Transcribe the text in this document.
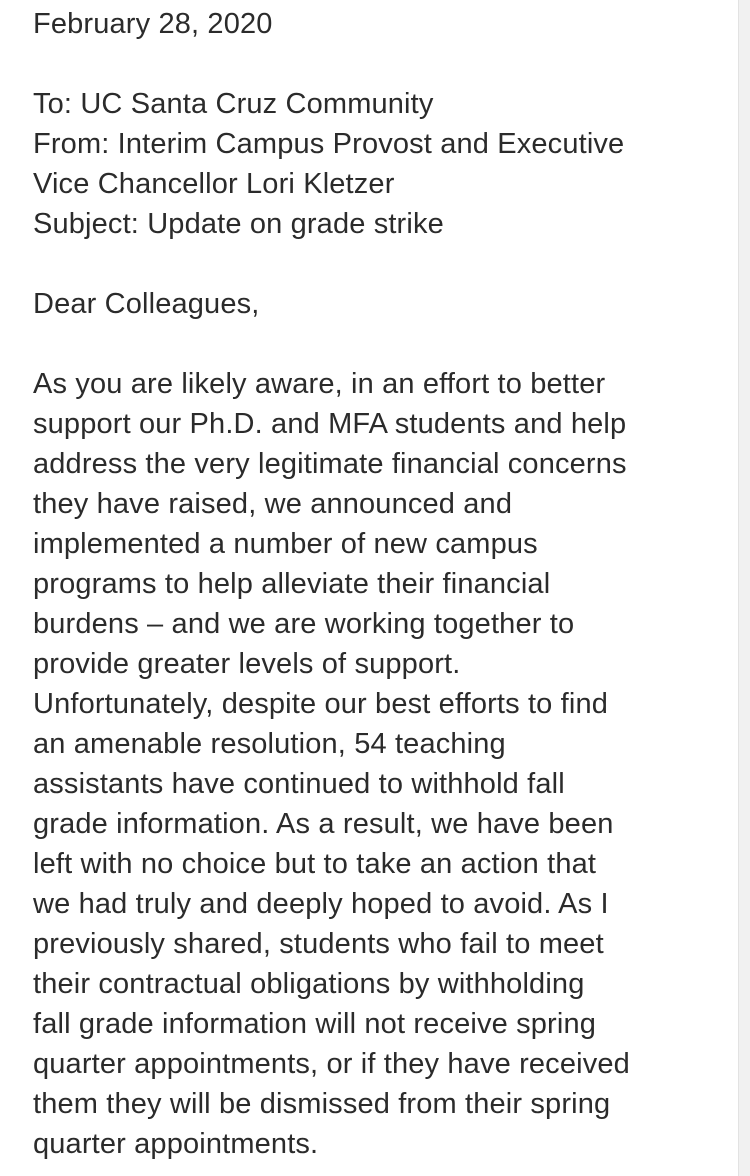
February 28, 2020
To: UC Santa Cruz Community
From: Interim Campus Provost and Executive
Vice Chancellor Lori Kletzer
Subject: Update on grade strike
Dear Colleagues,
As you are likely aware, in an effort to better
support our Ph.D. and MFA students and help
address the very legitimate financial concerns
they have raised, we announced and
implemented a number of new campus
programs to help alleviate their financial
burdens – and we are working together to
provide greater levels of support.
Unfortunately, despite our best efforts to find
an amenable resolution, 54 teaching
assistants have continued to withhold fall
grade information. As a result, we have been
left with no choice but to take an action that
we had truly and deeply hoped to avoid. As I
previously shared, students who fail to meet
their contractual obligations by withholding
fall grade information will not receive spring
quarter appointments, or if they have received
them they will be dismissed from their spring
quarter appointments.
